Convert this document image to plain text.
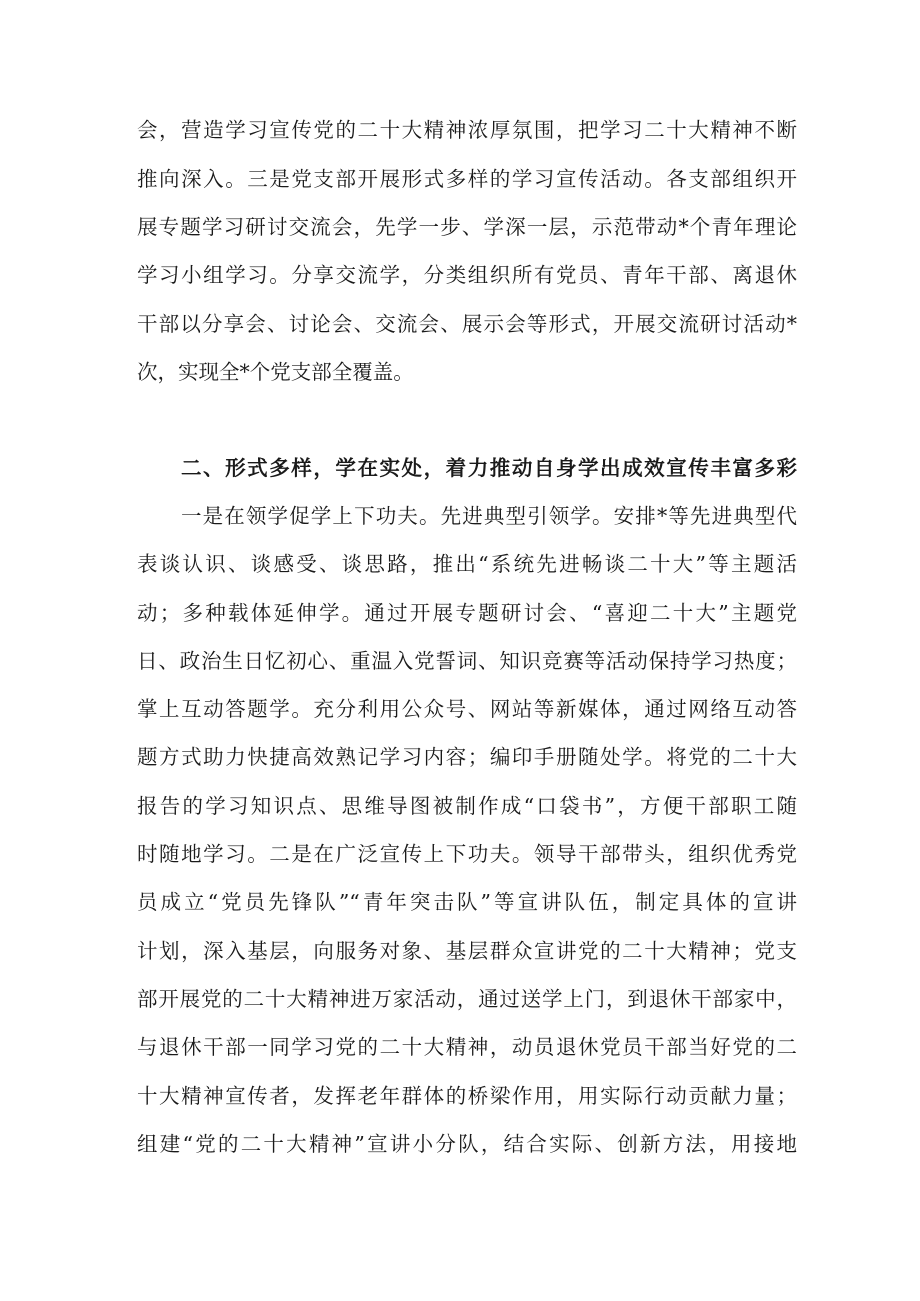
会，营造学习宣传党的二十大精神浓厚氛围，把学习二十大精神不断
推向深入。三是党支部开展形式多样的学习宣传活动。各支部组织开
展专题学习研讨交流会，先学一步、学深一层，示范带动*个青年理论
学习小组学习。分享交流学，分类组织所有党员、青年干部、离退休
干部以分享会、讨论会、交流会、展示会等形式，开展交流研讨活动*
次，实现全*个党支部全覆盖。
二、形式多样，学在实处，着力推动自身学出成效宣传丰富多彩
一是在领学促学上下功夫。先进典型引领学。安排*等先进典型代
表谈认识、谈感受、谈思路，推出“系统先进畅谈二十大”等主题活
动；多种载体延伸学。通过开展专题研讨会、“喜迎二十大”主题党
日、政治生日忆初心、重温入党誓词、知识竞赛等活动保持学习热度；
掌上互动答题学。充分利用公众号、网站等新媒体，通过网络互动答
题方式助力快捷高效熟记学习内容；编印手册随处学。将党的二十大
报告的学习知识点、思维导图被制作成“口袋书”，方便干部职工随
时随地学习。二是在广泛宣传上下功夫。领导干部带头，组织优秀党
员成立“党员先锋队”“青年突击队”等宣讲队伍，制定具体的宣讲
计划，深入基层，向服务对象、基层群众宣讲党的二十大精神；党支
部开展党的二十大精神进万家活动，通过送学上门，到退休干部家中，
与退休干部一同学习党的二十大精神，动员退休党员干部当好党的二
十大精神宣传者，发挥老年群体的桥梁作用，用实际行动贡献力量；
组建“党的二十大精神”宣讲小分队，结合实际、创新方法，用接地
